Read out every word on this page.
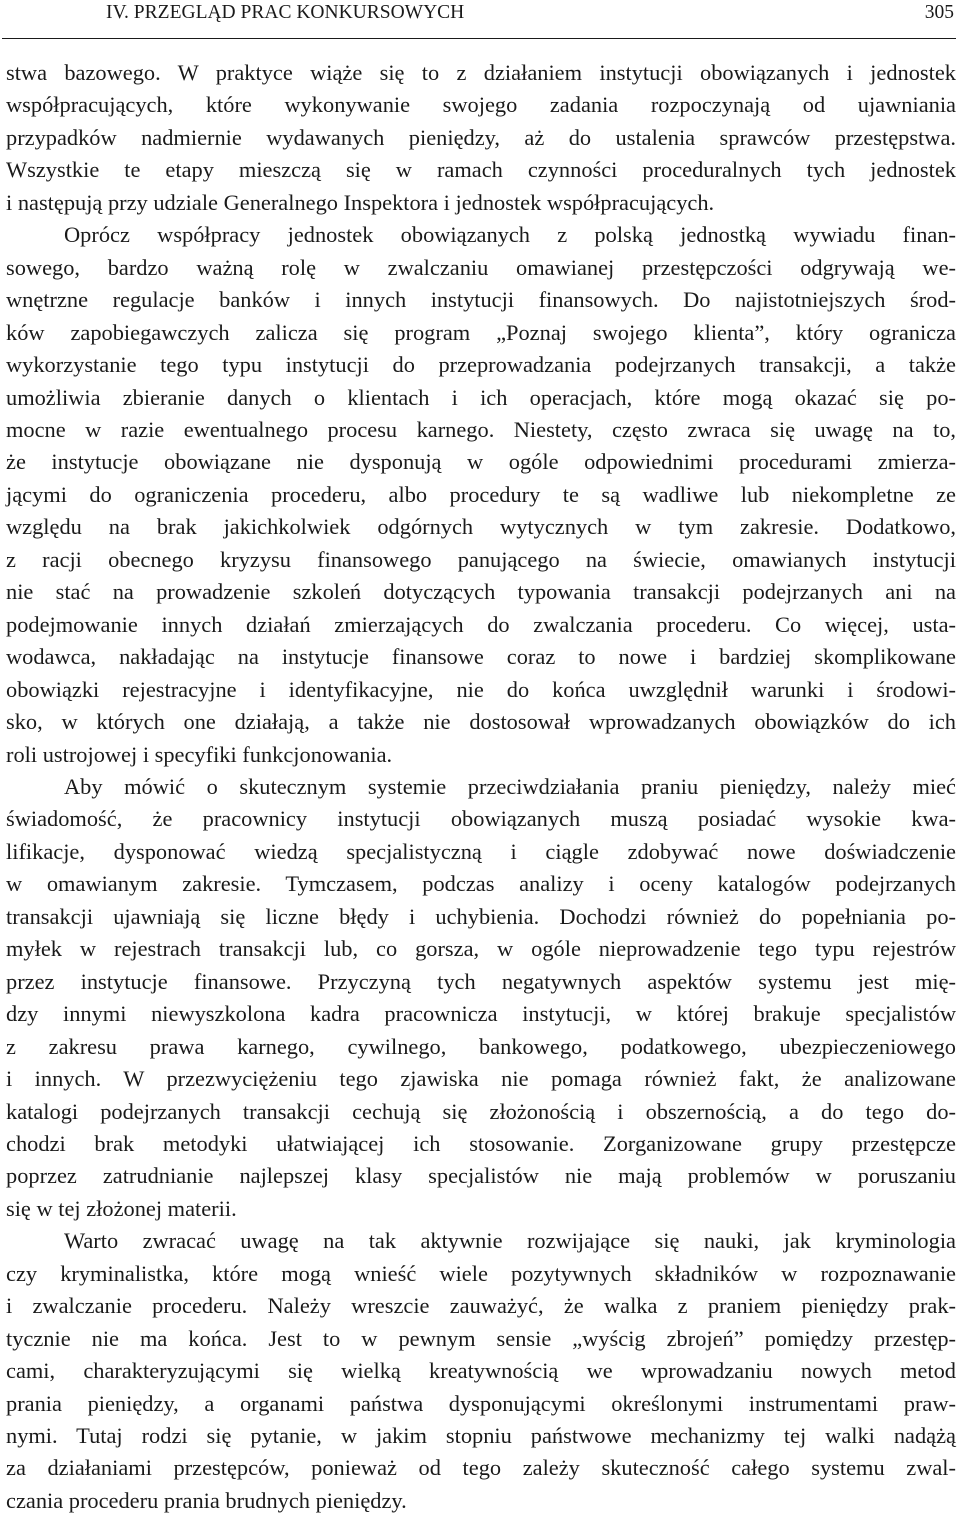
IV. PRZEGLĄD PRAC KONKURSOWYCH	305
stwa bazowego. W praktyce wiąże się to z działaniem instytucji obowiązanych i jednostek
współpracujących, które wykonywanie swojego zadania rozpoczynają od ujawniania
przypadków nadmiernie wydawanych pieniędzy, aż do ustalenia sprawców przestępstwa.
Wszystkie te etapy mieszczą się w ramach czynności proceduralnych tych jednostek
i następują przy udziale Generalnego Inspektora i jednostek współpracujących.
Oprócz współpracy jednostek obowiązanych z polską jednostką wywiadu finan-
sowego, bardzo ważną rolę w zwalczaniu omawianej przestępczości odgrywają we-
wnętrzne regulacje banków i innych instytucji finansowych. Do najistotniejszych środ-
ków zapobiegawczych zalicza się program „Poznaj swojego klienta”, który ogranicza
wykorzystanie tego typu instytucji do przeprowadzania podejrzanych transakcji, a także
umożliwia zbieranie danych o klientach i ich operacjach, które mogą okazać się po-
mocne w razie ewentualnego procesu karnego. Niestety, często zwraca się uwagę na to,
że instytucje obowiązane nie dysponują w ogóle odpowiednimi procedurami zmierza-
jącymi do ograniczenia procederu, albo procedury te są wadliwe lub niekompletne ze
względu na brak jakichkolwiek odgórnych wytycznych w tym zakresie. Dodatkowo,
z racji obecnego kryzysu finansowego panującego na świecie, omawianych instytucji
nie stać na prowadzenie szkoleń dotyczących typowania transakcji podejrzanych ani na
podejmowanie innych działań zmierzających do zwalczania procederu. Co więcej, usta-
wodawca, nakładając na instytucje finansowe coraz to nowe i bardziej skomplikowane
obowiązki rejestracyjne i identyfikacyjne, nie do końca uwzględnił warunki i środowi-
sko, w których one działają, a także nie dostosował wprowadzanych obowiązków do ich
roli ustrojowej i specyfiki funkcjonowania.
Aby mówić o skutecznym systemie przeciwdziałania praniu pieniędzy, należy mieć
świadomość, że pracownicy instytucji obowiązanych muszą posiadać wysokie kwa-
lifikacje, dysponować wiedzą specjalistyczną i ciągle zdobywać nowe doświadczenie
w omawianym zakresie. Tymczasem, podczas analizy i oceny katalogów podejrzanych
transakcji ujawniają się liczne błędy i uchybienia. Dochodzi również do popełniania po-
myłek w rejestrach transakcji lub, co gorsza, w ogóle nieprowadzenie tego typu rejestrów
przez instytucje finansowe. Przyczyną tych negatywnych aspektów systemu jest mię-
dzy innymi niewyszkolona kadra pracownicza instytucji, w której brakuje specjalistów
z zakresu prawa karnego, cywilnego, bankowego, podatkowego, ubezpieczeniowego
i innych. W przezwyciężeniu tego zjawiska nie pomaga również fakt, że analizowane
katalogi podejrzanych transakcji cechują się złożonością i obszernością, a do tego do-
chodzi brak metodyki ułatwiającej ich stosowanie. Zorganizowane grupy przestępcze
poprzez zatrudnianie najlepszej klasy specjalistów nie mają problemów w poruszaniu
się w tej złożonej materii.
Warto zwracać uwagę na tak aktywnie rozwijające się nauki, jak kryminologia
czy kryminalistka, które mogą wnieść wiele pozytywnych składników w rozpoznawanie
i zwalczanie procederu. Należy wreszcie zauważyć, że walka z praniem pieniędzy prak-
tycznie nie ma końca. Jest to w pewnym sensie „wyścig zbrojeń” pomiędzy przestęp-
cami, charakteryzującymi się wielką kreatywnością we wprowadzaniu nowych metod
prania pieniędzy, a organami państwa dysponującymi określonymi instrumentami praw-
nymi. Tutaj rodzi się pytanie, w jakim stopniu państwowe mechanizmy tej walki nadążą
za działaniami przestępców, ponieważ od tego zależy skuteczność całego systemu zwal-
czania procederu prania brudnych pieniędzy.
